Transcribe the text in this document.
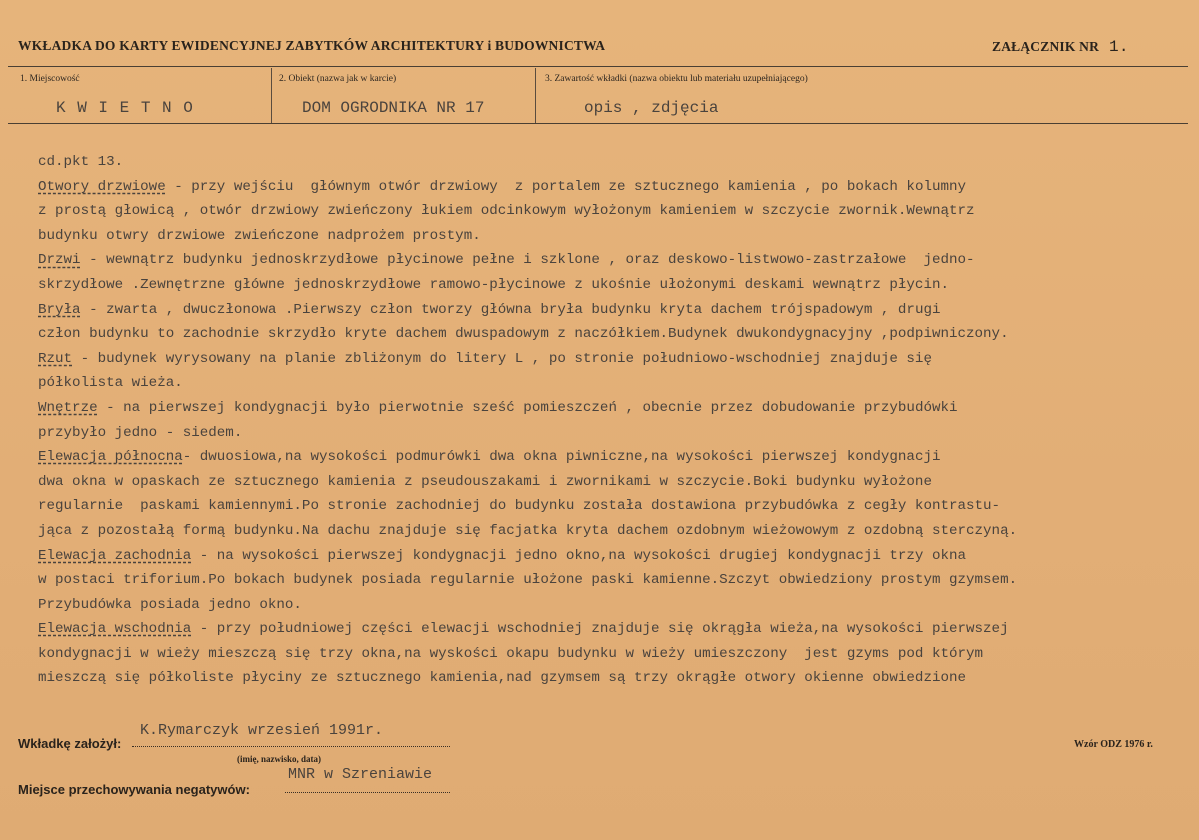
WKŁADKA DO KARTY EWIDENCYJNEJ ZABYTKÓW ARCHITEKTURY i BUDOWNICTWA	ZAŁĄCZNIK NR 1.
1. Miejscowość
K W I E T N O
2. Obiekt (nazwa jak w karcie)
DOM OGRODNIKA NR 17
3. Zawartość wkładki (nazwa obiektu lub materiału uzupełniającego)
opis , zdjęcia
cd.pkt 13.
Otwory drzwiowe - przy wejściu  głównym otwór drzwiowy  z portalem ze sztucznego kamienia , po bokach kolumny
z prostą głowicą , otwór drzwiowy zwieńczony łukiem odcinkowym wyłożonym kamieniem w szczycie zwornik.Wewnątrz
budynku otwry drzwiowe zwieńczone nadprożem prostym.
Drzwi - wewnątrz budynku jednoskrzydłowe płycinowe pełne i szklone , oraz deskowo-listwowo-zastrzałowe  jedno-
skrzydłowe .Zewnętrzne główne jednoskrzydłowe ramowo-płycinowe z ukośnie ułożonymi deskami wewnątrz płycin.
Bryła - zwarta , dwuczłonowa .Pierwszy człon tworzy główna bryła budynku kryta dachem trójspadowym , drugi
człon budynku to zachodnie skrzydło kryte dachem dwuspadowym z naczółkiem.Budynek dwukondygnacyjny ,podpiwniczony.
Rzut - budynek wyrysowany na planie zbliżonym do litery L , po stronie południowo-wschodniej znajduje się
półkolista wieża.
Wnętrze - na pierwszej kondygnacji było pierwotnie sześć pomieszczeń , obecnie przez dobudowanie przybudówki
przybyło jedno - siedem.
Elewacja północna- dwuosiowa,na wysokości podmurówki dwa okna piwniczne,na wysokości pierwszej kondygnacji
dwa okna w opaskach ze sztucznego kamienia z pseudouszakami i zwornikami w szczycie.Boki budynku wyłożone
regularnie  paskami kamiennymi.Po stronie zachodniej do budynku została dostawiona przybudówka z cegły kontrastu-
jąca z pozostałą formą budynku.Na dachu znajduje się facjatka kryta dachem ozdobnym wieżowowym z ozdobną sterczyną.
Elewacja zachodnia - na wysokości pierwszej kondygnacji jedno okno,na wysokości drugiej kondygnacji trzy okna
w postaci triforium.Po bokach budynek posiada regularnie ułożone paski kamienne.Szczyt obwiedziony prostym gzymsem.
Przybudówka posiada jedno okno.
Elewacja wschodnia - przy południowej części elewacji wschodniej znajduje się okrągła wieża,na wysokości pierwszej
kondygnacji w wieży mieszczą się trzy okna,na wyskości okapu budynku w wieży umieszczony  jest gzyms pod którym
mieszczą się półkoliste płyciny ze sztucznego kamienia,nad gzymsem są trzy okrągłe otwory okienne obwiedzione
Wkładkę założył:
K.Rymarczyk wrzesień 1991r.
(imię, nazwisko, data)
Miejsce przechowywania negatywów:
MNR w Szreniawie
Wzór ODZ 1976 r.
